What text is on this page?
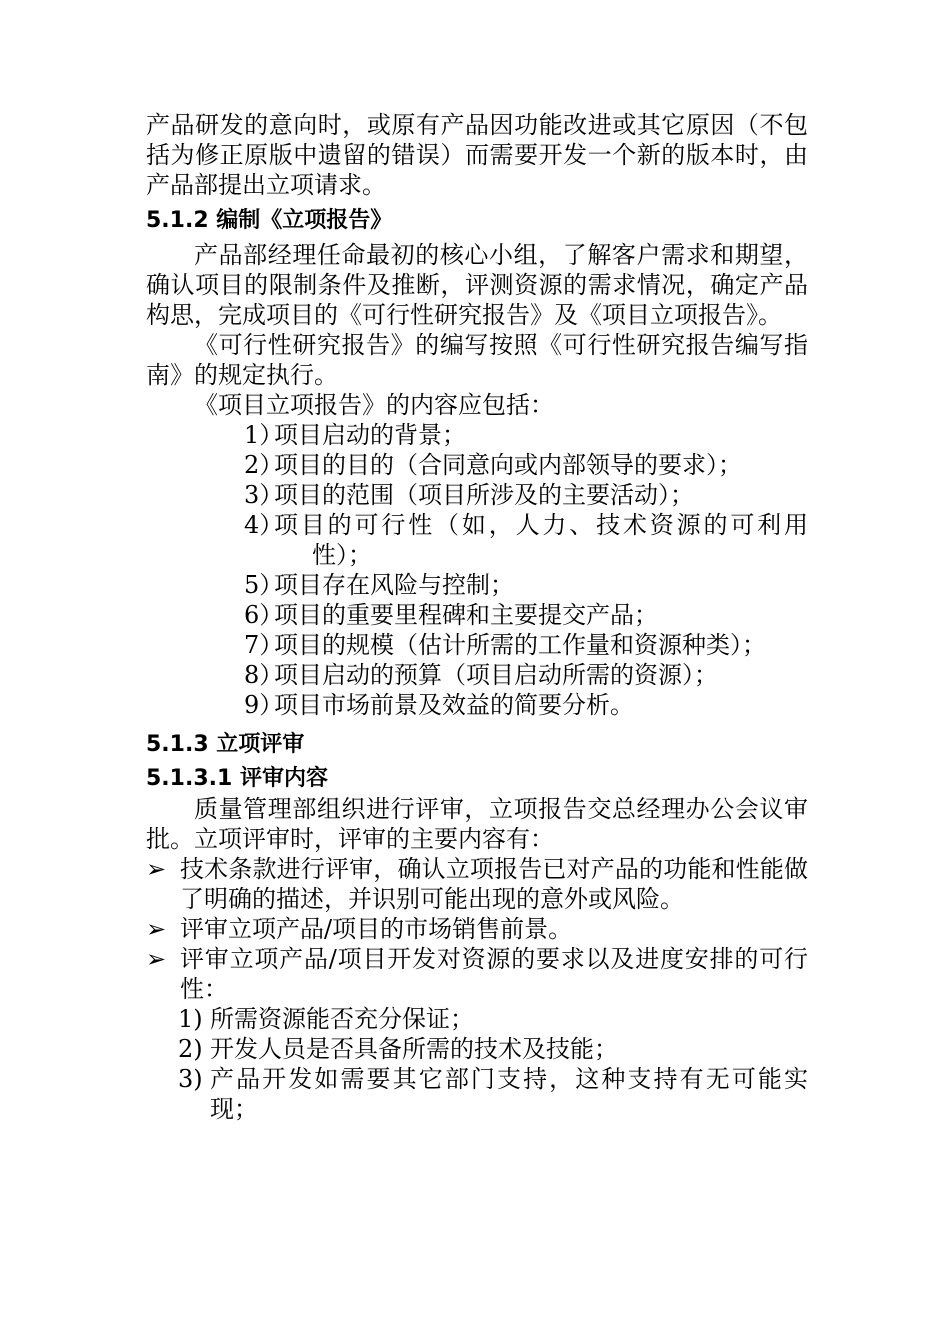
产品研发的意向时，或原有产品因功能改进或其它原因（不包括为修正原版中遗留的错误）而需要开发一个新的版本时，由产品部提出立项请求。

5.1.2 编制《立项报告》

产品部经理任命最初的核心小组，了解客户需求和期望，确认项目的限制条件及推断，评测资源的需求情况，确定产品构思，完成项目的《可行性研究报告》及《项目立项报告》。

《可行性研究报告》的编写按照《可行性研究报告编写指南》的规定执行。

《项目立项报告》的内容应包括：

1）
项目启动的背景；
2）
项目的目的（合同意向或内部领导的要求）；
3）
项目的范围（项目所涉及的主要活动）；
4）
项目的可行性（如，人力、技术资源的可利用性）；
5）
项目存在风险与控制；
6）
项目的重要里程碑和主要提交产品；
7）
项目的规模（估计所需的工作量和资源种类）；
8）
项目启动的预算（项目启动所需的资源）；
9）
项目市场前景及效益的简要分析。
5.1.3 立项评审
5.1.3.1 评审内容

质量管理部组织进行评审，立项报告交总经理办公会议审批。立项评审时，评审的主要内容有：

➢ 技术条款进行评审，确认立项报告已对产品的功能和性能做了明确的描述，并识别可能出现的意外或风险。
➢ 评审立项产品/项目的市场销售前景。
➢ 评审立项产品/项目开发对资源的要求以及进度安排的可行性：
1) 所需资源能否充分保证；
2) 开发人员是否具备所需的技术及技能；
3) 产品开发如需要其它部门支持，这种支持有无可能实现；
